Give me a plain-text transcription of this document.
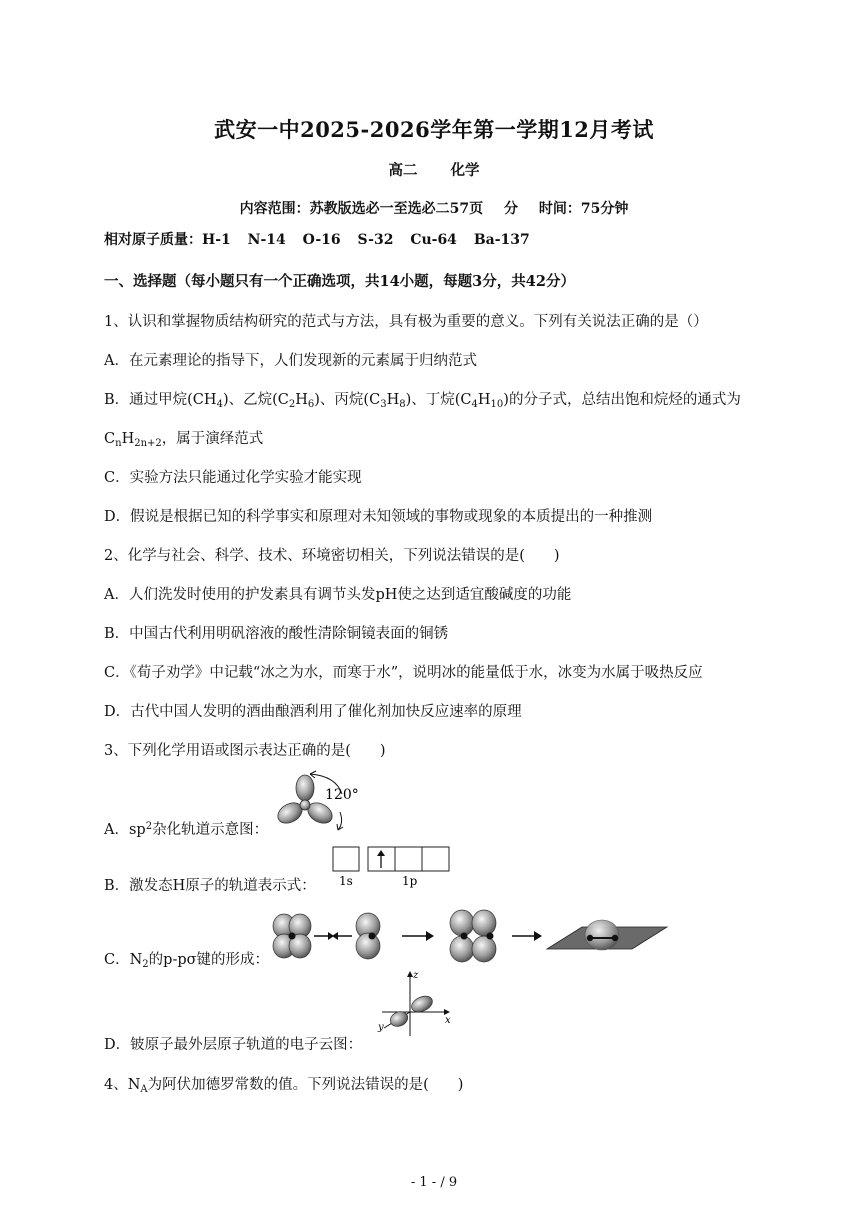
武安一中2025-2026学年第一学期12月考试
高二 化学
内容范围：苏教版选必一至选必二57页 分 时间：75分钟
相对原子质量：H-1 N-14 O-16 S-32 Cu-64 Ba-137
一、选择题（每小题只有一个正确选项，共14小题，每题3分，共42分）
1、认识和掌握物质结构研究的范式与方法，具有极为重要的意义。下列有关说法正确的是（）
A．在元素理论的指导下，人们发现新的元素属于归纳范式
B．通过甲烷$(CH_4)$、乙烷$(C_2H_6)$、丙烷$(C_3H_8)$、丁烷$(C_4H_{10})$的分子式，总结出饱和烷烃的通式为
$C_nH_{2n+2}$，属于演绎范式
C．实验方法只能通过化学实验才能实现
D．假说是根据已知的科学事实和原理对未知领域的事物或现象的本质提出的一种推测
2、化学与社会、科学、技术、环境密切相关，下列说法错误的是(　　)
A．人们洗发时使用的护发素具有调节头发pH使之达到适宜酸碱度的功能
B．中国古代利用明矾溶液的酸性清除铜镜表面的铜锈
C．《荀子劝学》中记载“冰之为水，而寒于水”，说明冰的能量低于水，冰变为水属于吸热反应
D．古代中国人发明的酒曲酿酒利用了催化剂加快反应速率的原理
3、下列化学用语或图示表达正确的是(　　)
A．$sp^2$杂化轨道示意图：
120°
B．激发态H原子的轨道表示式： 1s	1p
C．$N_2$的p-pσ键的形成：
D．铍原子最外层原子轨道的电子云图：
z
x
y
4、$N_A$为阿伏加德罗常数的值。下列说法错误的是(　　)
- 1 - / 9
